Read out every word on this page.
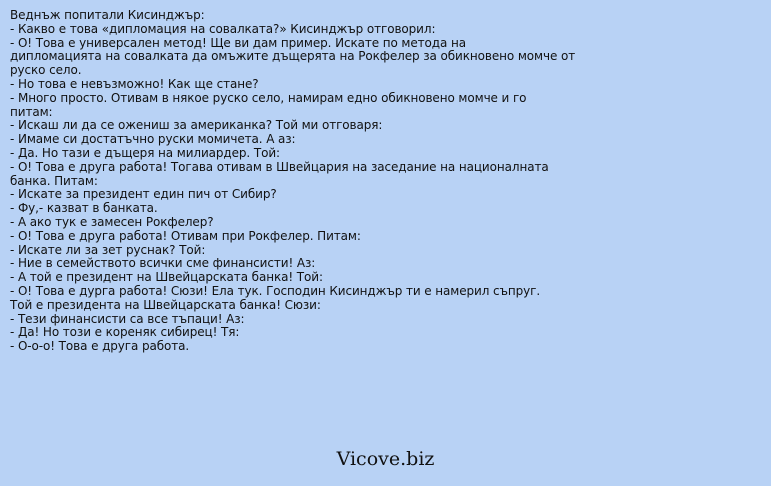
Веднъж попитали Кисинджър:
- Какво е това «дипломация на совалката?» Кисинджър отговорил:
- О! Това е универсален метод! Ще ви дам пример. Искате по метода на
дипломацията на совалката да омъжите дъщерята на Рокфелер за обикновено момче от
руско село.
- Но това е невъзможно! Как ще стане?
- Много просто. Отивам в някое руско село, намирам едно обикновено момче и го
питам:
- Искаш ли да се ожениш за американка? Той ми отговаря:
- Имаме си достатъчно руски момичета. А аз:
- Да. Но тази е дъщеря на милиардер. Той:
- О! Това е друга работа! Тогава отивам в Швейцария на заседание на националната
банка. Питам:
- Искате за президент един пич от Сибир?
- Фу,- казват в банката.
- А ако тук е замесен Рокфелер?
- О! Това е друга работа! Отивам при Рокфелер. Питам:
- Искате ли за зет руснак? Той:
- Ние в семейството всички сме финансисти! Аз:
- А той е президент на Швейцарската банка! Той:
- О! Това е дурга работа! Сюзи! Ела тук. Господин Кисинджър ти е намерил съпруг.
Той е президента на Швейцарската банка! Сюзи:
- Тези финансисти са все тъпаци! Аз:
- Да! Но този е кореняк сибирец! Тя:
- О-о-о! Това е друга работа.
Vicove.biz
